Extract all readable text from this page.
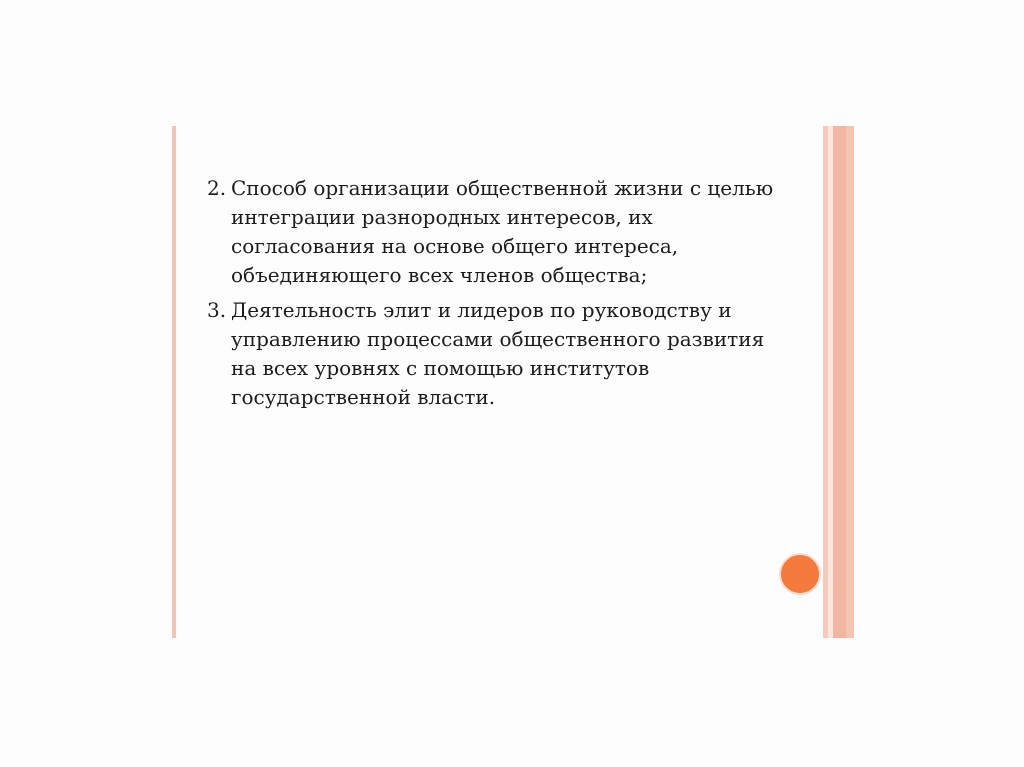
2. Способ организации общественной жизни с целью интеграции разнородных интересов, их согласования на основе общего интереса, объединяющего всех членов общества;
3. Деятельность элит и лидеров по руководству и управлению процессами общественного развития на всех уровнях с помощью институтов государственной власти.
